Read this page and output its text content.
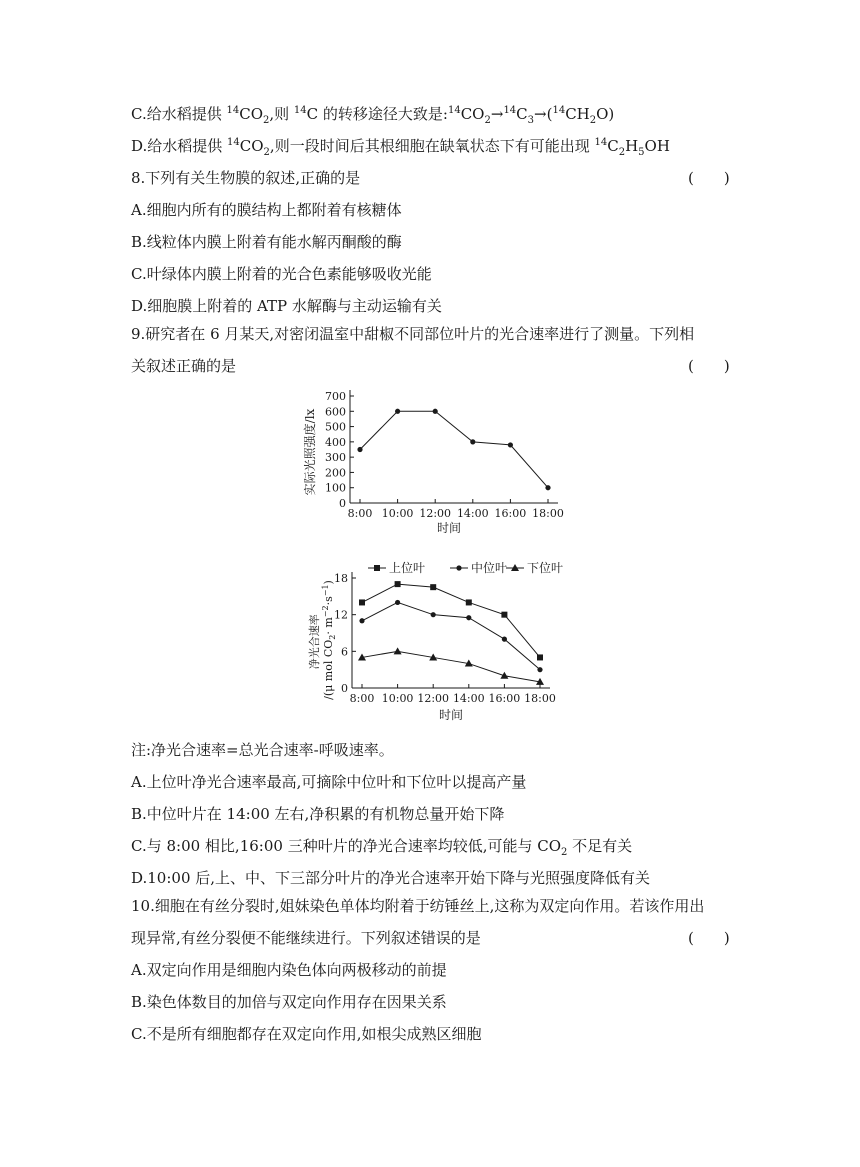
C.给水稻提供 $^{14}CO_2$,则 $^{14}$C 的转移途径大致是$:^{14}CO_2\to^{14}C_3\to(^{14}CH_2O)$
D.给水稻提供 $^{14}CO_2$,则一段时间后其根细胞在缺氧状态下有可能出现 $^{14}C_2H_5OH$
8.下列有关生物膜的叙述,正确的是	(　　)
A.细胞内所有的膜结构上都附着有核糖体
B.线粒体内膜上附着有能水解丙酮酸的酶
C.叶绿体内膜上附着的光合色素能够吸收光能
D.细胞膜上附着的 ATP 水解酶与主动运输有关
9.研究者在 6 月某天,对密闭温室中甜椒不同部位叶片的光合速率进行了测量。下列相
关叙述正确的是	(　　)
0
100
200
300
400
500
600
700
8:00 10:00 12:00 14:00 16:00 18:00
时间
实际光照强度/lx
上位叶	中位叶 下位叶
0
6
12
18
8:00 10:00 12:00 14:00 16:00 18:00
时间
净光合速率 /(μ mol $CO_2\cdot m^{-2}\cdot s^{-1}$)
注:净光合速率=总光合速率-呼吸速率。
A.上位叶净光合速率最高,可摘除中位叶和下位叶以提高产量
B.中位叶片在 14:00 左右,净积累的有机物总量开始下降
C.与 8:00 相比,16:00 三种叶片的净光合速率均较低,可能与 $CO_2$ 不足有关
D.10:00 后,上、中、下三部分叶片的净光合速率开始下降与光照强度降低有关
10.细胞在有丝分裂时,姐妹染色单体均附着于纺锤丝上,这称为双定向作用。若该作用出
现异常,有丝分裂便不能继续进行。下列叙述错误的是	(　　)
A.双定向作用是细胞内染色体向两极移动的前提
B.染色体数目的加倍与双定向作用存在因果关系
C.不是所有细胞都存在双定向作用,如根尖成熟区细胞
